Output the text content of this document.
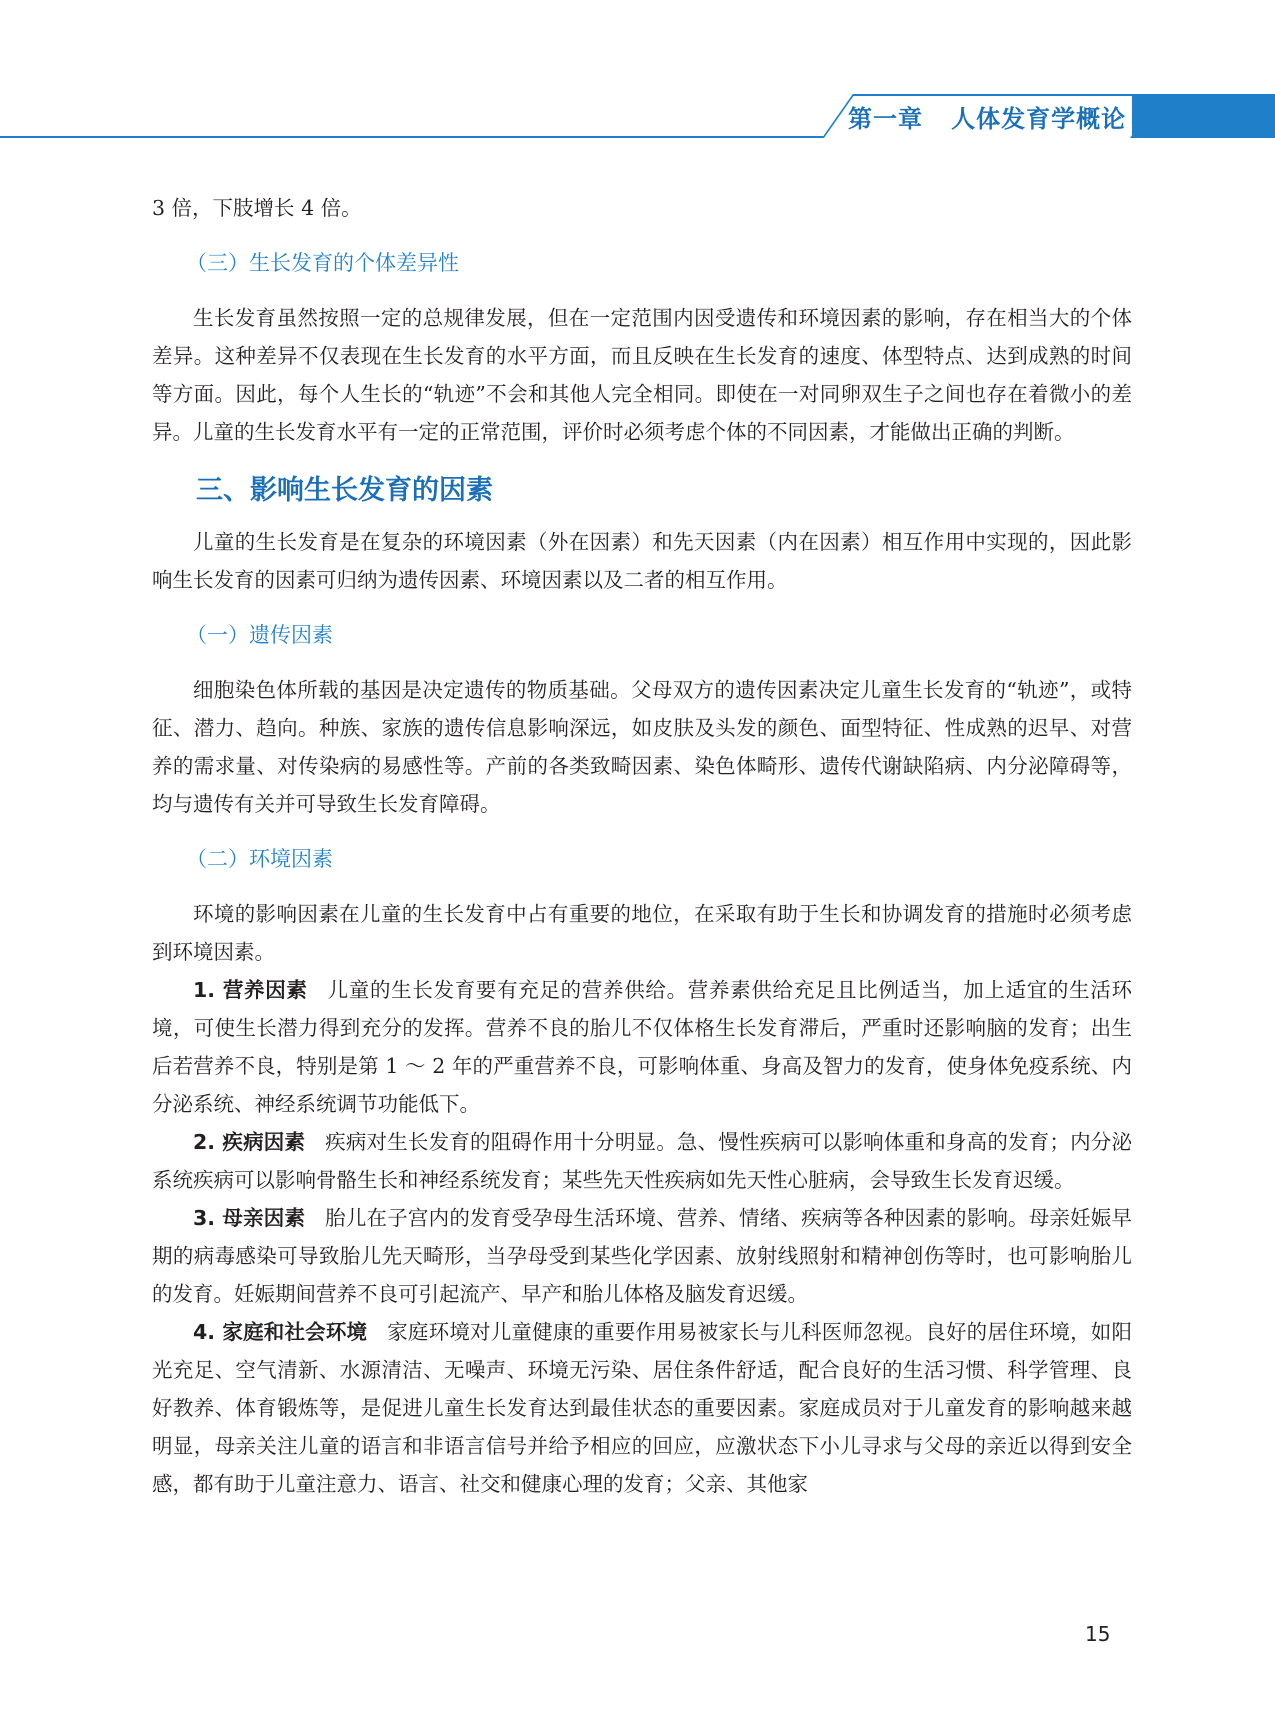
第一章   人体发育学概论

3 倍，下肢增长 4 倍。

（三）生长发育的个体差异性

生长发育虽然按照一定的总规律发展，但在一定范围内因受遗传和环境因素的影响，存在相当大的个体差异。这种差异不仅表现在生长发育的水平方面，而且反映在生长发育的速度、体型特点、达到成熟的时间等方面。因此，每个人生长的“轨迹”不会和其他人完全相同。即使在一对同卵双生子之间也存在着微小的差异。儿童的生长发育水平有一定的正常范围，评价时必须考虑个体的不同因素，才能做出正确的判断。

三、影响生长发育的因素

儿童的生长发育是在复杂的环境因素（外在因素）和先天因素（内在因素）相互作用中实现的，因此影响生长发育的因素可归纳为遗传因素、环境因素以及二者的相互作用。

（一）遗传因素

细胞染色体所载的基因是决定遗传的物质基础。父母双方的遗传因素决定儿童生长发育的“轨迹”，或特征、潜力、趋向。种族、家族的遗传信息影响深远，如皮肤及头发的颜色、面型特征、性成熟的迟早、对营养的需求量、对传染病的易感性等。产前的各类致畸因素、染色体畸形、遗传代谢缺陷病、内分泌障碍等，均与遗传有关并可导致生长发育障碍。

（二）环境因素

环境的影响因素在儿童的生长发育中占有重要的地位，在采取有助于生长和协调发育的措施时必须考虑到环境因素。

1. 营养因素 儿童的生长发育要有充足的营养供给。营养素供给充足且比例适当，加上适宜的生活环境，可使生长潜力得到充分的发挥。营养不良的胎儿不仅体格生长发育滞后，严重时还影响脑的发育；出生后若营养不良，特别是第 1 ～ 2 年的严重营养不良，可影响体重、身高及智力的发育，使身体免疫系统、内分泌系统、神经系统调节功能低下。

2. 疾病因素 疾病对生长发育的阻碍作用十分明显。急、慢性疾病可以影响体重和身高的发育；内分泌系统疾病可以影响骨骼生长和神经系统发育；某些先天性疾病如先天性心脏病，会导致生长发育迟缓。

3. 母亲因素 胎儿在子宫内的发育受孕母生活环境、营养、情绪、疾病等各种因素的影响。母亲妊娠早期的病毒感染可导致胎儿先天畸形，当孕母受到某些化学因素、放射线照射和精神创伤等时，也可影响胎儿的发育。妊娠期间营养不良可引起流产、早产和胎儿体格及脑发育迟缓。

4. 家庭和社会环境 家庭环境对儿童健康的重要作用易被家长与儿科医师忽视。良好的居住环境，如阳光充足、空气清新、水源清洁、无噪声、环境无污染、居住条件舒适，配合良好的生活习惯、科学管理、良好教养、体育锻炼等，是促进儿童生长发育达到最佳状态的重要因素。家庭成员对于儿童发育的影响越来越明显，母亲关注儿童的语言和非语言信号并给予相应的回应，应激状态下小儿寻求与父母的亲近以得到安全感，都有助于儿童注意力、语言、社交和健康心理的发育；父亲、其他家

15
